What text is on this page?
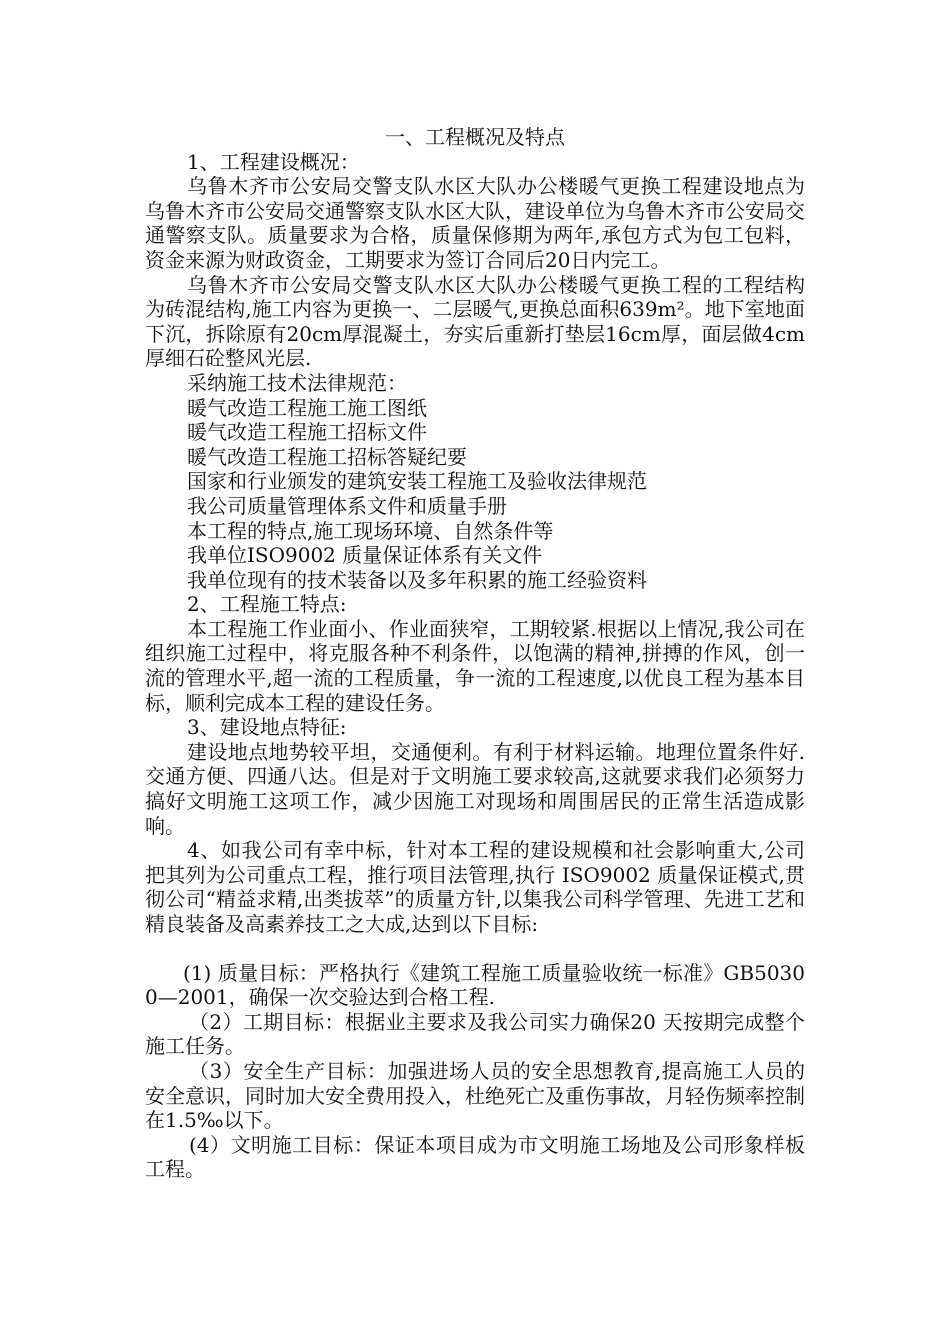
一、工程概况及特点

1、工程建设概况：

乌鲁木齐市公安局交警支队水区大队办公楼暖气更换工程建设地点为乌鲁木齐市公安局交通警察支队水区大队，建设单位为乌鲁木齐市公安局交通警察支队。质量要求为合格，质量保修期为两年,承包方式为包工包料，资金来源为财政资金，工期要求为签订合同后20日内完工。

乌鲁木齐市公安局交警支队水区大队办公楼暖气更换工程的工程结构为砖混结构,施工内容为更换一、二层暖气,更换总面积639m²。地下室地面下沉，拆除原有20cm厚混凝土，夯实后重新打垫层16cm厚，面层做4cm厚细石砼整风光层.

采纳施工技术法律规范：

暖气改造工程施工施工图纸

暖气改造工程施工招标文件

暖气改造工程施工招标答疑纪要

国家和行业颁发的建筑安装工程施工及验收法律规范

我公司质量管理体系文件和质量手册

本工程的特点,施工现场环境、自然条件等

我单位ISO9002 质量保证体系有关文件

我单位现有的技术装备以及多年积累的施工经验资料

2、工程施工特点:

本工程施工作业面小、作业面狭窄，工期较紧.根据以上情况,我公司在组织施工过程中，将克服各种不利条件，以饱满的精神,拼搏的作风，创一流的管理水平,超一流的工程质量，争一流的工程速度,以优良工程为基本目标，顺利完成本工程的建设任务。

3、建设地点特征:

建设地点地势较平坦，交通便利。有利于材料运输。地理位置条件好.交通方便、四通八达。但是对于文明施工要求较高,这就要求我们必须努力搞好文明施工这项工作，减少因施工对现场和周围居民的正常生活造成影响。

4、如我公司有幸中标，针对本工程的建设规模和社会影响重大,公司把其列为公司重点工程，推行项目法管理,执行 ISO9002 质量保证模式,贯彻公司“精益求精,出类拔萃”的质量方针,以集我公司科学管理、先进工艺和精良装备及高素养技工之大成,达到以下目标:

(1) 质量目标：严格执行《建筑工程施工质量验收统一标准》GB50300—2001，确保一次交验达到合格工程.

（2）工期目标：根据业主要求及我公司实力确保20 天按期完成整个施工任务。

（3）安全生产目标：加强进场人员的安全思想教育,提高施工人员的安全意识，同时加大安全费用投入，杜绝死亡及重伤事故，月轻伤频率控制在1.5‰以下。

(4）文明施工目标：保证本项目成为市文明施工场地及公司形象样板工程。
